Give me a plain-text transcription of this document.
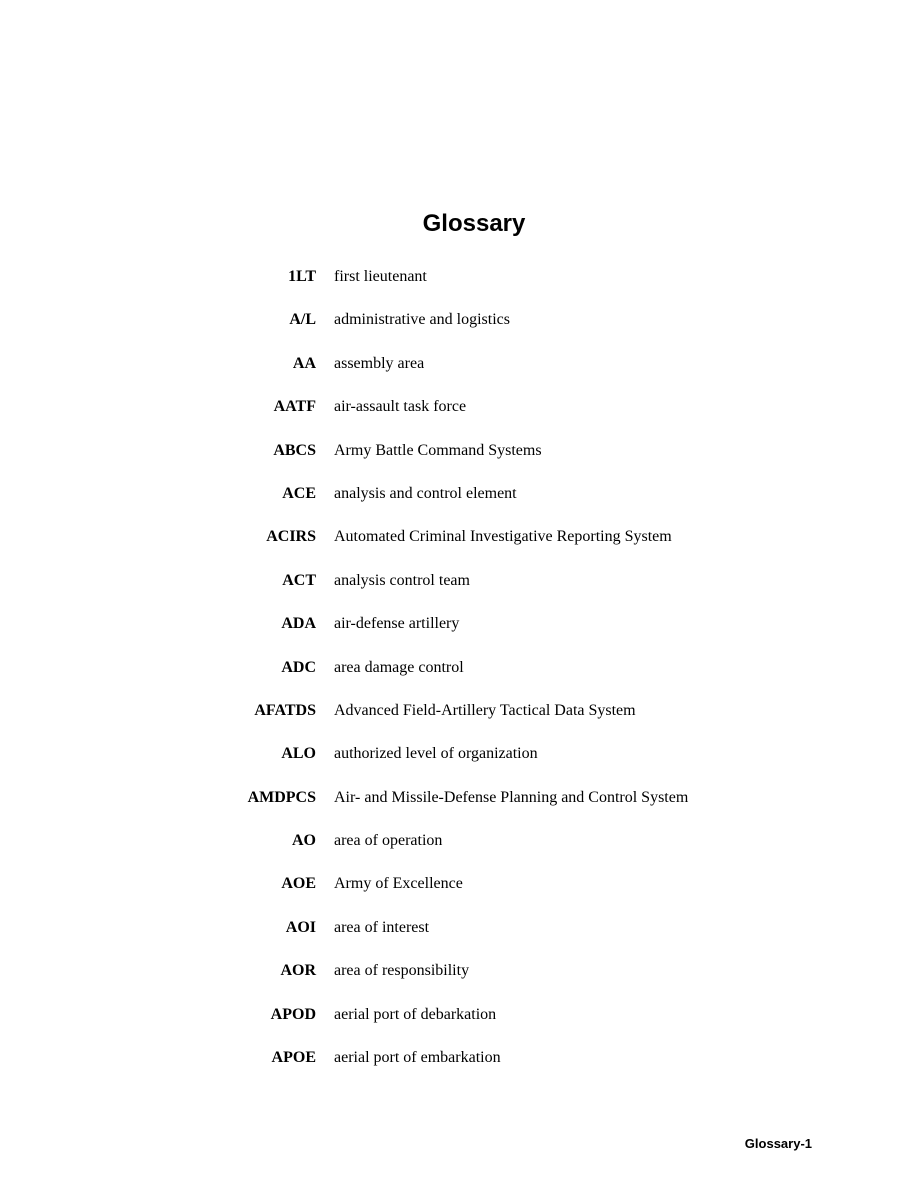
Glossary
1LT first lieutenant
A/L administrative and logistics
AA assembly area
AATF air-assault task force
ABCS Army Battle Command Systems
ACE analysis and control element
ACIRS Automated Criminal Investigative Reporting System
ACT analysis control team
ADA air-defense artillery
ADC area damage control
AFATDS Advanced Field-Artillery Tactical Data System
ALO authorized level of organization
AMDPCS Air- and Missile-Defense Planning and Control System
AO area of operation
AOE Army of Excellence
AOI area of interest
AOR area of responsibility
APOD aerial port of debarkation
APOE aerial port of embarkation
Glossary-1
